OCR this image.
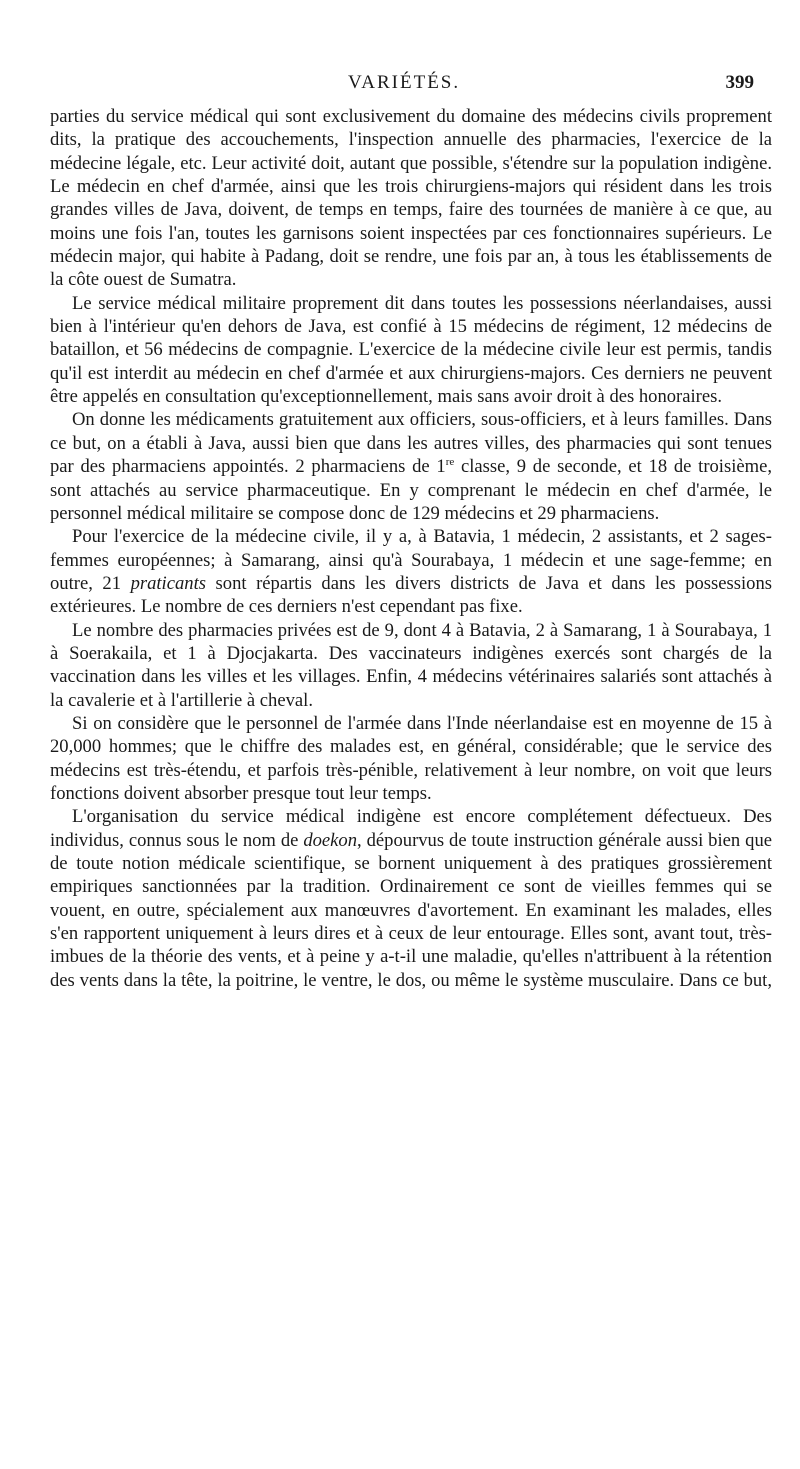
VARIÉTÉS.	399

parties du service médical qui sont exclusivement du domaine des médecins civils proprement dits, la pratique des accouchements, l'inspection annuelle des pharmacies, l'exercice de la médecine légale, etc. Leur activité doit, autant que possible, s'étendre sur la population indigène. Le médecin en chef d'armée, ainsi que les trois chirurgiens-majors qui résident dans les trois grandes villes de Java, doivent, de temps en temps, faire des tournées de manière à ce que, au moins une fois l'an, toutes les garnisons soient inspectées par ces fonctionnaires supérieurs. Le médecin major, qui habite à Padang, doit se rendre, une fois par an, à tous les établissements de la côte ouest de Sumatra.

Le service médical militaire proprement dit dans toutes les possessions néerlandaises, aussi bien à l'intérieur qu'en dehors de Java, est confié à 15 médecins de régiment, 12 médecins de bataillon, et 56 médecins de compagnie. L'exercice de la médecine civile leur est permis, tandis qu'il est interdit au médecin en chef d'armée et aux chirurgiens-majors. Ces derniers ne peuvent être appelés en consultation qu'exceptionnellement, mais sans avoir droit à des honoraires.

On donne les médicaments gratuitement aux officiers, sous-officiers, et à leurs familles. Dans ce but, on a établi à Java, aussi bien que dans les autres villes, des pharmacies qui sont tenues par des pharmaciens appointés. 2 pharmaciens de 1re classe, 9 de seconde, et 18 de troisième, sont attachés au service pharmaceutique. En y comprenant le médecin en chef d'armée, le personnel médical militaire se compose donc de 129 médecins et 29 pharmaciens.

Pour l'exercice de la médecine civile, il y a, à Batavia, 1 médecin, 2 assistants, et 2 sages-femmes européennes; à Samarang, ainsi qu'à Sourabaya, 1 médecin et une sage-femme; en outre, 21 praticants sont répartis dans les divers districts de Java et dans les possessions extérieures. Le nombre de ces derniers n'est cependant pas fixe.

Le nombre des pharmacies privées est de 9, dont 4 à Batavia, 2 à Samarang, 1 à Sourabaya, 1 à Soerakaila, et 1 à Djocjakarta. Des vaccinateurs indigènes exercés sont chargés de la vaccination dans les villes et les villages. Enfin, 4 médecins vétérinaires salariés sont attachés à la cavalerie et à l'artillerie à cheval.

Si on considère que le personnel de l'armée dans l'Inde néerlandaise est en moyenne de 15 à 20,000 hommes; que le chiffre des malades est, en général, considérable; que le service des médecins est très-étendu, et parfois très-pénible, relativement à leur nombre, on voit que leurs fonctions doivent absorber presque tout leur temps.

L'organisation du service médical indigène est encore complétement défectueux. Des individus, connus sous le nom de doekon, dépourvus de toute instruction générale aussi bien que de toute notion médicale scientifique, se bornent uniquement à des pratiques grossièrement empiriques sanctionnées par la tradition. Ordinairement ce sont de vieilles femmes qui se vouent, en outre, spécialement aux manœuvres d'avortement. En examinant les malades, elles s'en rapportent uniquement à leurs dires et à ceux de leur entourage. Elles sont, avant tout, très-imbues de la théorie des vents, et à peine y a-t-il une maladie, qu'elles n'attribuent à la rétention des vents dans la tête, la poitrine, le ventre, le dos, ou même le système musculaire. Dans ce but,
